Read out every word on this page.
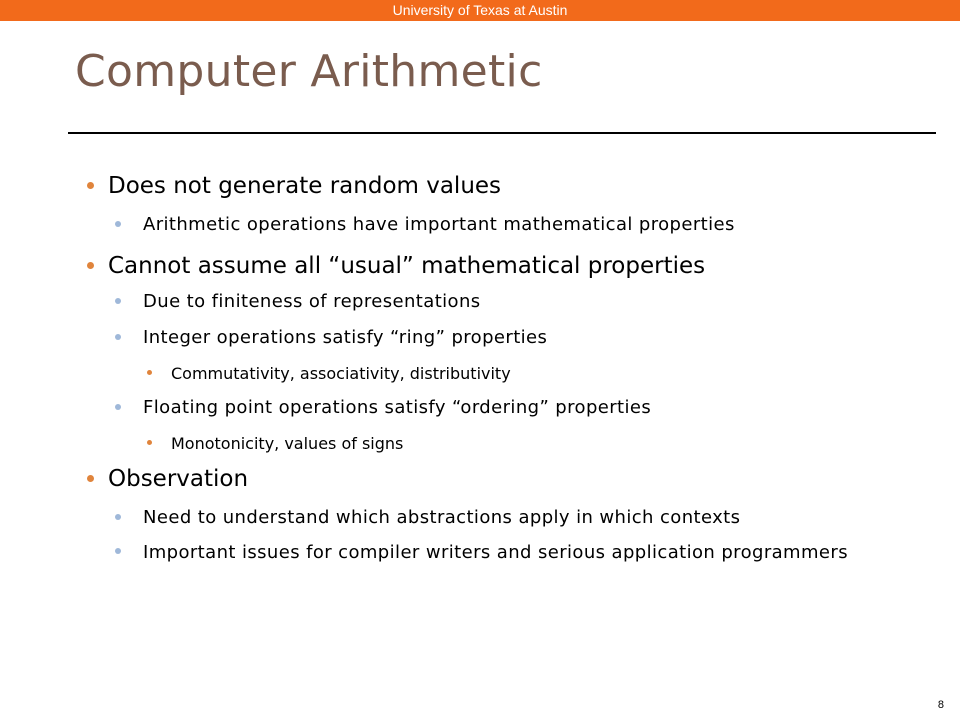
University of Texas at Austin
Computer Arithmetic
Does not generate random values
Arithmetic operations have important mathematical properties
Cannot assume all “usual” mathematical properties
Due to finiteness of representations
Integer operations satisfy “ring” properties
Commutativity, associativity, distributivity
Floating point operations satisfy “ordering” properties
Monotonicity, values of signs
Observation
Need to understand which abstractions apply in which contexts
Important issues for compiler writers and serious application programmers
8
